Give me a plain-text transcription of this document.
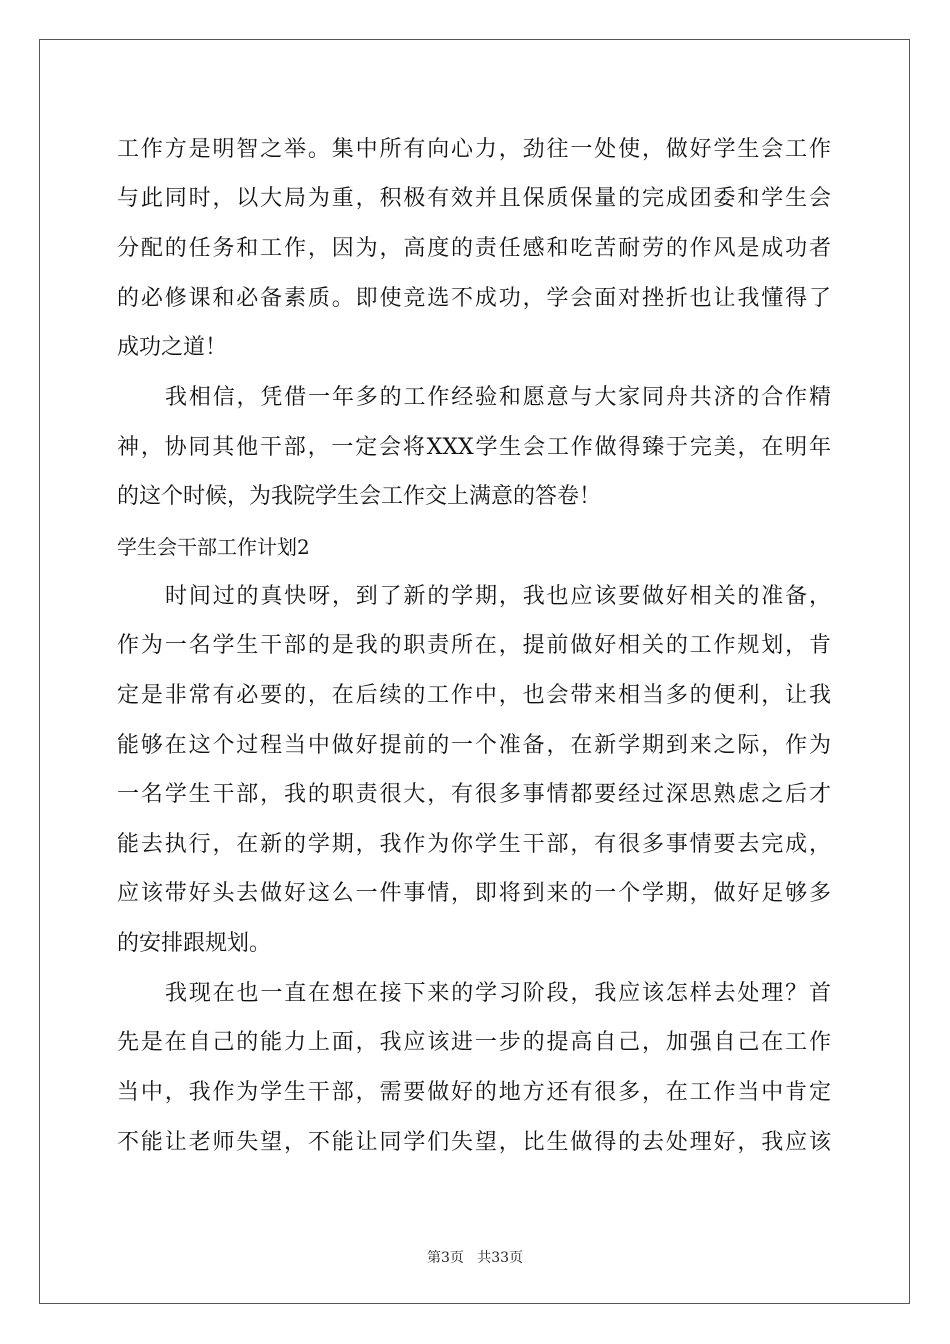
工作方是明智之举。集中所有向心力，劲往一处使，做好学生会工作
与此同时，以大局为重，积极有效并且保质保量的完成团委和学生会
分配的任务和工作，因为，高度的责任感和吃苦耐劳的作风是成功者
的必修课和必备素质。即使竞选不成功，学会面对挫折也让我懂得了
成功之道！
我相信，凭借一年多的工作经验和愿意与大家同舟共济的合作精
神，协同其他干部，一定会将XXX学生会工作做得臻于完美，在明年
的这个时候，为我院学生会工作交上满意的答卷！
学生会干部工作计划2
时间过的真快呀，到了新的学期，我也应该要做好相关的准备，
作为一名学生干部的是我的职责所在，提前做好相关的工作规划，肯
定是非常有必要的，在后续的工作中，也会带来相当多的便利，让我
能够在这个过程当中做好提前的一个准备，在新学期到来之际，作为
一名学生干部，我的职责很大，有很多事情都要经过深思熟虑之后才
能去执行，在新的学期，我作为你学生干部，有很多事情要去完成，
应该带好头去做好这么一件事情，即将到来的一个学期，做好足够多
的安排跟规划。
我现在也一直在想在接下来的学习阶段，我应该怎样去处理？首
先是在自己的能力上面，我应该进一步的提高自己，加强自己在工作
当中，我作为学生干部，需要做好的地方还有很多，在工作当中肯定
不能让老师失望，不能让同学们失望，比生做得的去处理好，我应该
第3页   共33页
